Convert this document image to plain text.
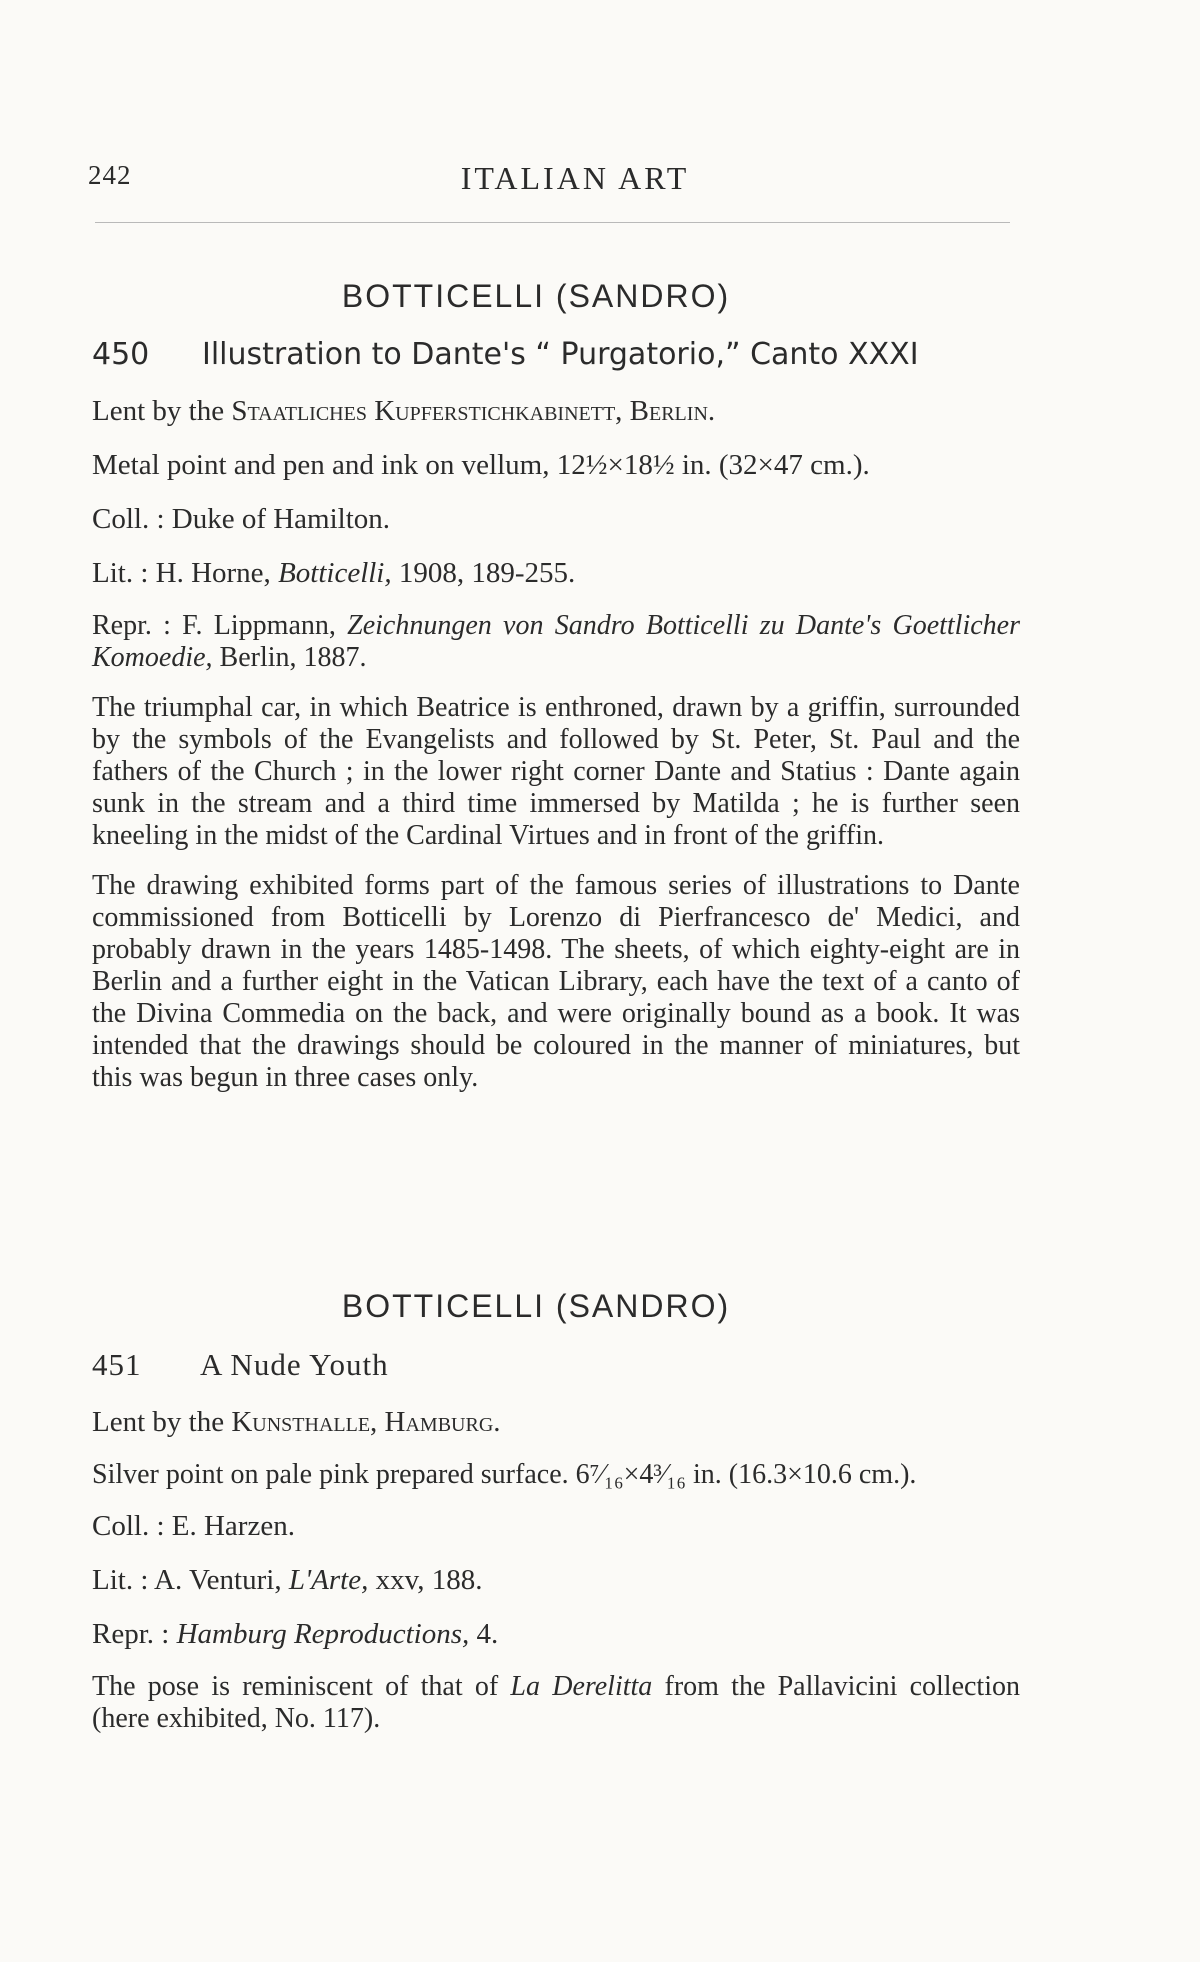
242	ITALIAN ART
BOTTICELLI (SANDRO)
450	Illustration to Dante's “ Purgatorio,” Canto XXXI
Lent by the Staatliches Kupferstichkabinett, Berlin.
Metal point and pen and ink on vellum, 12½×18½ in. (32×47 cm.).
Coll. : Duke of Hamilton.
Lit. : H. Horne, Botticelli, 1908, 189-255.
Repr. : F. Lippmann, Zeichnungen von Sandro Botticelli zu Dante's Goettlicher Komoedie, Berlin, 1887.
The triumphal car, in which Beatrice is enthroned, drawn by a griffin, surrounded by the symbols of the Evangelists and followed by St. Peter, St. Paul and the fathers of the Church ; in the lower right corner Dante and Statius : Dante again sunk in the stream and a third time immersed by Matilda ; he is further seen kneeling in the midst of the Cardinal Virtues and in front of the griffin.
The drawing exhibited forms part of the famous series of illustrations to Dante commissioned from Botticelli by Lorenzo di Pierfrancesco de' Medici, and probably drawn in the years 1485-1498. The sheets, of which eighty-eight are in Berlin and a further eight in the Vatican Library, each have the text of a canto of the Divina Commedia on the back, and were originally bound as a book. It was intended that the drawings should be coloured in the manner of miniatures, but this was begun in three cases only.
BOTTICELLI (SANDRO)
451	A Nude Youth
Lent by the Kunsthalle, Hamburg.
Silver point on pale pink prepared surface. 6⁷⁄₁₆×4³⁄₁₆ in. (16.3×10.6 cm.).
Coll. : E. Harzen.
Lit. : A. Venturi, L'Arte, xxv, 188.
Repr. : Hamburg Reproductions, 4.
The pose is reminiscent of that of La Derelitta from the Pallavicini collection (here exhibited, No. 117).
